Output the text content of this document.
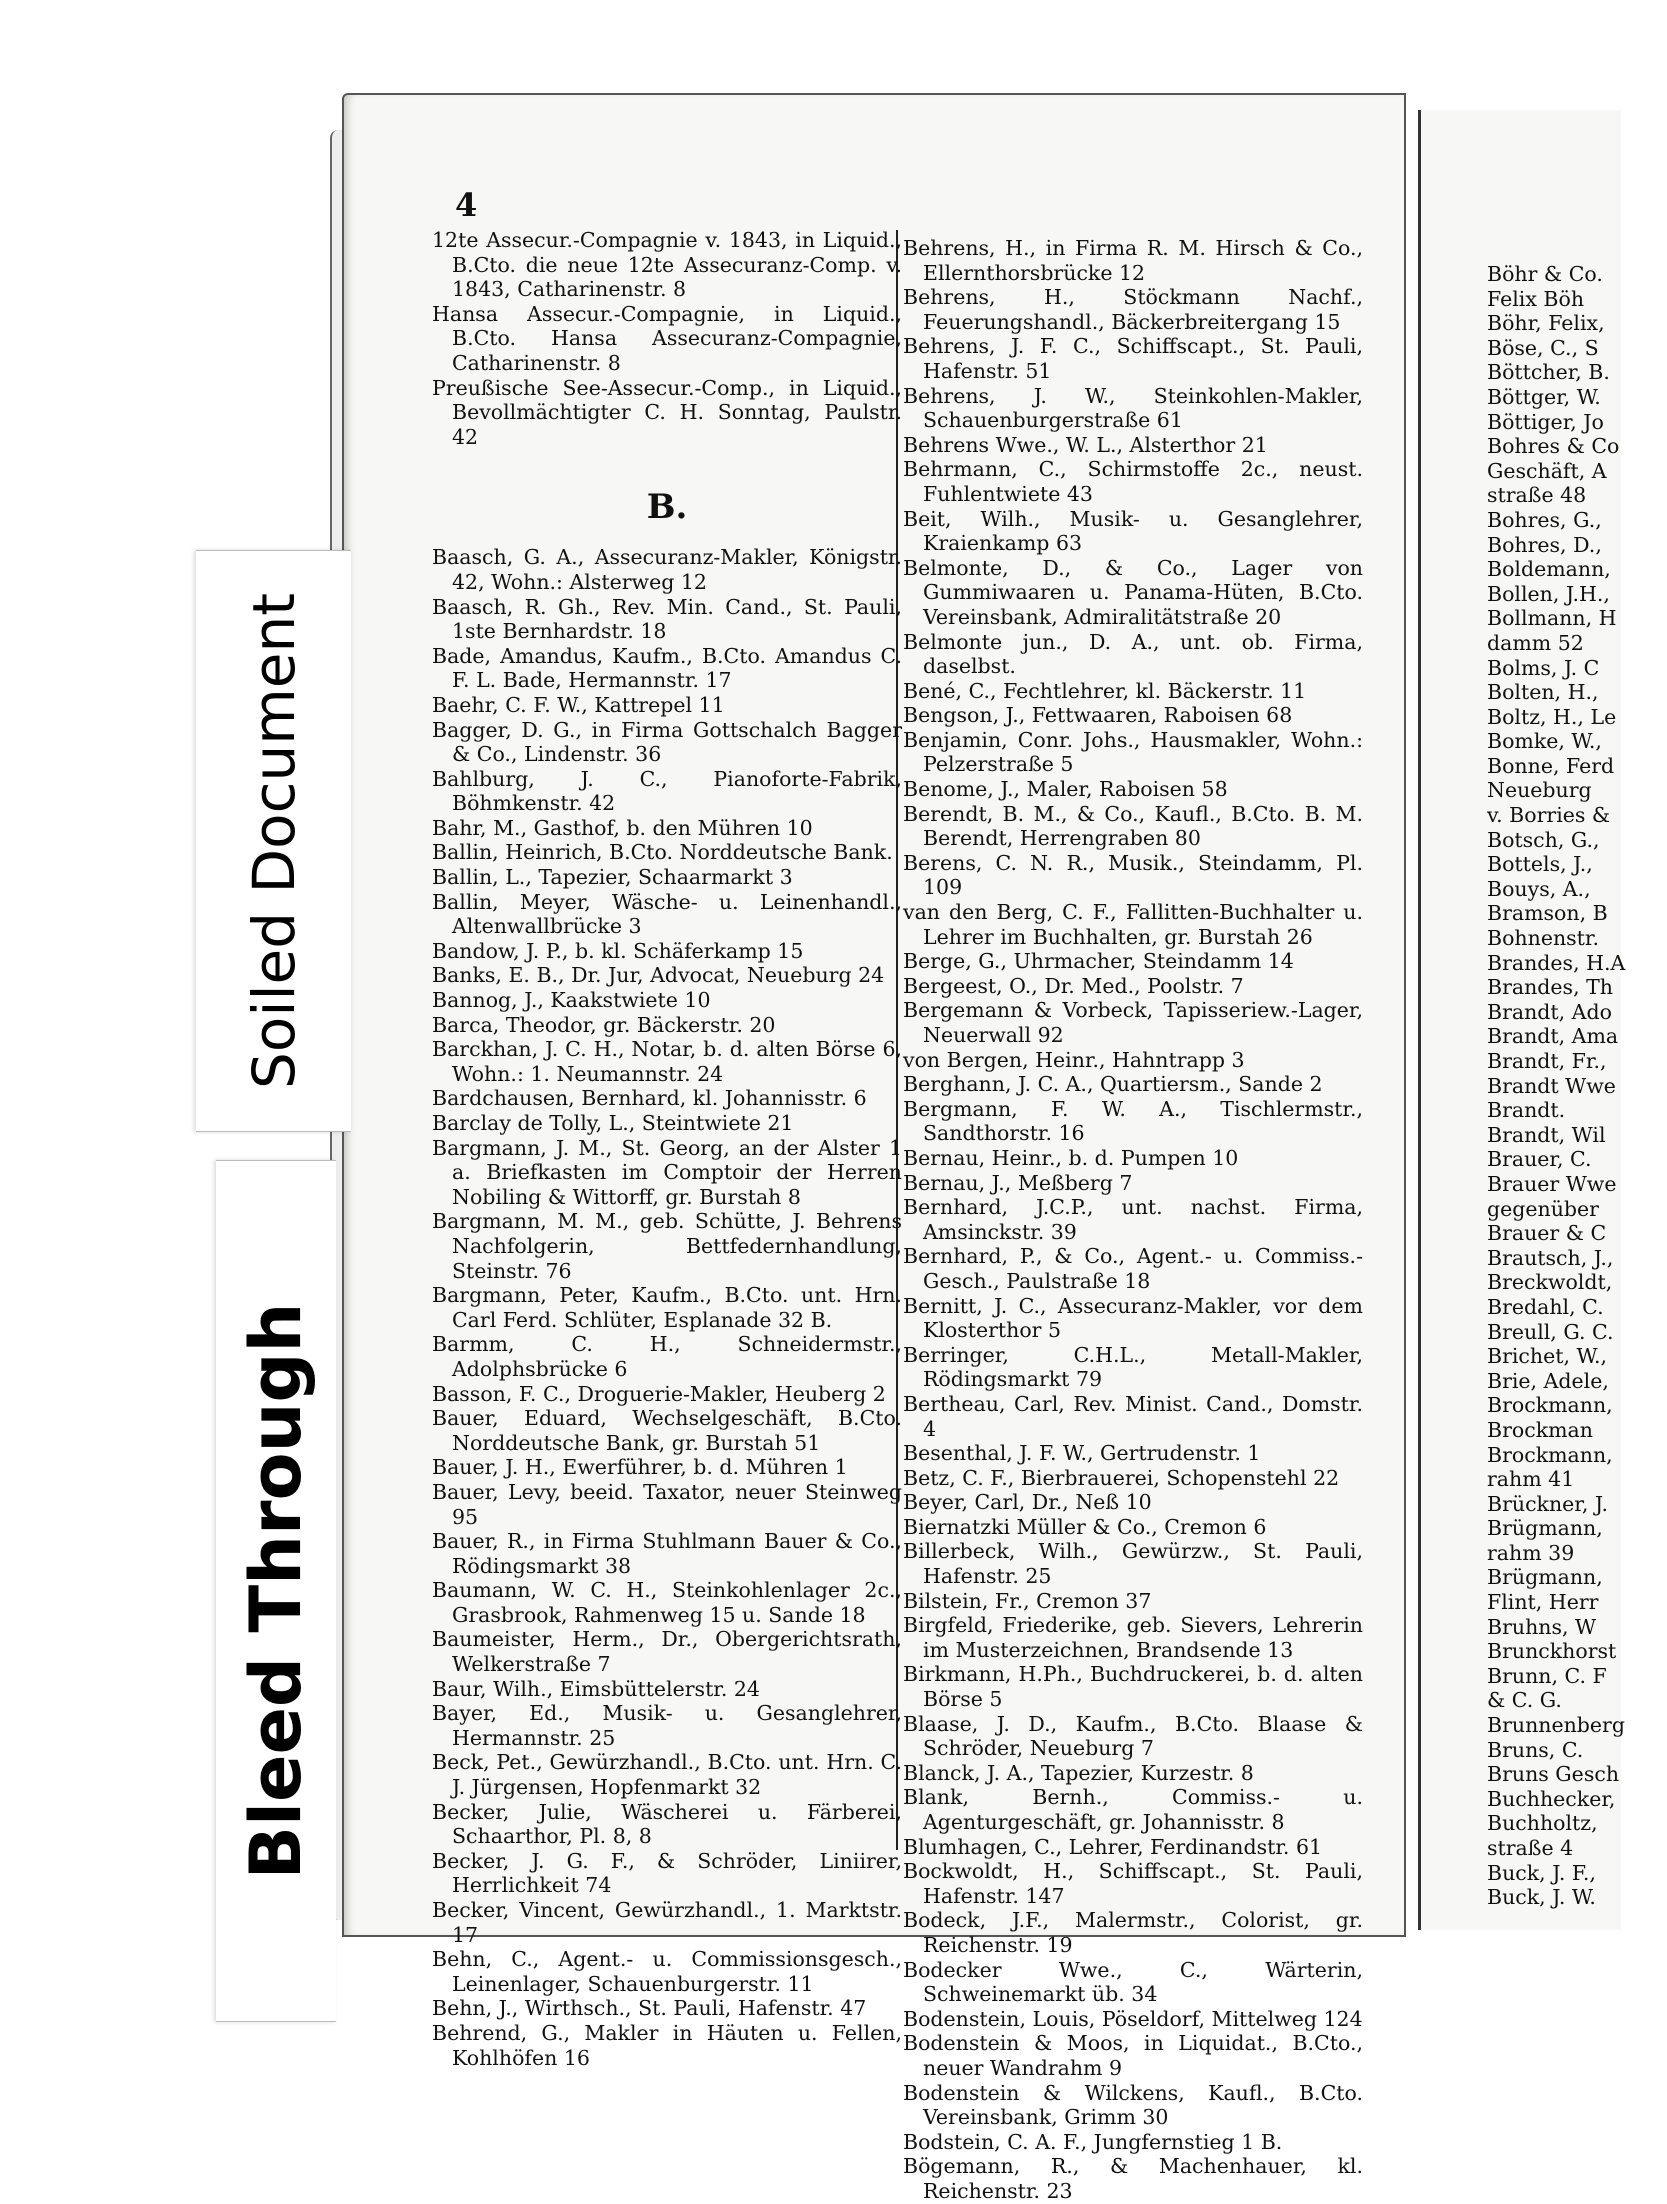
Soiled Document
Bleed Through
4
12te Assecur.-Compagnie v. 1843, in Liquid., B.Cto. die neue 12te Assecuranz-Comp. v. 1843, Catharinenstr. 8
Hansa Assecur.-Compagnie, in Liquid., B.Cto. Hansa Assecuranz-Compagnie, Catharinenstr. 8
Preußische See-Assecur.-Comp., in Liquid., Bevollmächtigter C. H. Sonntag, Paulstr. 42
B.
Baasch, G. A., Assecuranz-Makler, Königstr. 42, Wohn.: Alsterweg 12
Baasch, R. Gh., Rev. Min. Cand., St. Pauli, 1ste Bernhardstr. 18
Bade, Amandus, Kaufm., B.Cto. Amandus C. F. L. Bade, Hermannstr. 17
Baehr, C. F. W., Kattrepel 11
Bagger, D. G., in Firma Gottschalch Bagger & Co., Lindenstr. 36
Bahlburg, J. C., Pianoforte-Fabrik, Böhmkenstr. 42
Bahr, M., Gasthof, b. den Mühren 10
Ballin, Heinrich, B.Cto. Norddeutsche Bank.
Ballin, L., Tapezier, Schaarmarkt 3
Ballin, Meyer, Wäsche- u. Leinenhandl., Altenwallbrücke 3
Bandow, J. P., b. kl. Schäferkamp 15
Banks, E. B., Dr. Jur, Advocat, Neueburg 24
Bannog, J., Kaakstwiete 10
Barca, Theodor, gr. Bäckerstr. 20
Barckhan, J. C. H., Notar, b. d. alten Börse 6, Wohn.: 1. Neumannstr. 24
Bardchausen, Bernhard, kl. Johannisstr. 6
Barclay de Tolly, L., Steintwiete 21
Bargmann, J. M., St. Georg, an der Alster 1 a. Briefkasten im Comptoir der Herren Nobiling & Wittorff, gr. Burstah 8
Bargmann, M. M., geb. Schütte, J. Behrens Nachfolgerin, Bettfedernhandlung, Steinstr. 76
Bargmann, Peter, Kaufm., B.Cto. unt. Hrn. Carl Ferd. Schlüter, Esplanade 32 B.
Barmm, C. H., Schneidermstr., Adolphsbrücke 6
Basson, F. C., Droguerie-Makler, Heuberg 2
Bauer, Eduard, Wechselgeschäft, B.Cto. Norddeutsche Bank, gr. Burstah 51
Bauer, J. H., Ewerführer, b. d. Mühren 1
Bauer, Levy, beeid. Taxator, neuer Steinweg 95
Bauer, R., in Firma Stuhlmann Bauer & Co., Rödingsmarkt 38
Baumann, W. C. H., Steinkohlenlager 2c., Grasbrook, Rahmenweg 15 u. Sande 18
Baumeister, Herm., Dr., Obergerichtsrath, Welkerstraße 7
Baur, Wilh., Eimsbüttelerstr. 24
Bayer, Ed., Musik- u. Gesanglehrer, Hermannstr. 25
Beck, Pet., Gewürzhandl., B.Cto. unt. Hrn. C. J. Jürgensen, Hopfenmarkt 32
Becker, Julie, Wäscherei u. Färberei, Schaarthor, Pl. 8, 8
Becker, J. G. F., & Schröder, Liniirer, Herrlichkeit 74
Becker, Vincent, Gewürzhandl., 1. Marktstr. 17
Behn, C., Agent.- u. Commissionsgesch., Leinenlager, Schauenburgerstr. 11
Behn, J., Wirthsch., St. Pauli, Hafenstr. 47
Behrend, G., Makler in Häuten u. Fellen, Kohlhöfen 16
Behrens, H., in Firma R. M. Hirsch & Co., Ellernthorsbrücke 12
Behrens, H., Stöckmann Nachf., Feuerungshandl., Bäckerbreitergang 15
Behrens, J. F. C., Schiffscapt., St. Pauli, Hafenstr. 51
Behrens, J. W., Steinkohlen-Makler, Schauenburgerstraße 61
Behrens Wwe., W. L., Alsterthor 21
Behrmann, C., Schirmstoffe 2c., neust. Fuhlentwiete 43
Beit, Wilh., Musik- u. Gesanglehrer, Kraienkamp 63
Belmonte, D., & Co., Lager von Gummiwaaren u. Panama-Hüten, B.Cto. Vereinsbank, Admiralitätstraße 20
Belmonte jun., D. A., unt. ob. Firma, daselbst.
Bené, C., Fechtlehrer, kl. Bäckerstr. 11
Bengson, J., Fettwaaren, Raboisen 68
Benjamin, Conr. Johs., Hausmakler, Wohn.: Pelzerstraße 5
Benome, J., Maler, Raboisen 58
Berendt, B. M., & Co., Kaufl., B.Cto. B. M. Berendt, Herrengraben 80
Berens, C. N. R., Musik., Steindamm, Pl. 109
van den Berg, C. F., Fallitten-Buchhalter u. Lehrer im Buchhalten, gr. Burstah 26
Berge, G., Uhrmacher, Steindamm 14
Bergeest, O., Dr. Med., Poolstr. 7
Bergemann & Vorbeck, Tapisseriew.-Lager, Neuerwall 92
von Bergen, Heinr., Hahntrapp 3
Berghann, J. C. A., Quartiersm., Sande 2
Bergmann, F. W. A., Tischlermstr., Sandthorstr. 16
Bernau, Heinr., b. d. Pumpen 10
Bernau, J., Meßberg 7
Bernhard, J.C.P., unt. nachst. Firma, Amsinckstr. 39
Bernhard, P., & Co., Agent.- u. Commiss.-Gesch., Paulstraße 18
Bernitt, J. C., Assecuranz-Makler, vor dem Klosterthor 5
Berringer, C.H.L., Metall-Makler, Rödingsmarkt 79
Bertheau, Carl, Rev. Minist. Cand., Domstr. 4
Besenthal, J. F. W., Gertrudenstr. 1
Betz, C. F., Bierbrauerei, Schopenstehl 22
Beyer, Carl, Dr., Neß 10
Biernatzki Müller & Co., Cremon 6
Billerbeck, Wilh., Gewürzw., St. Pauli, Hafenstr. 25
Bilstein, Fr., Cremon 37
Birgfeld, Friederike, geb. Sievers, Lehrerin im Musterzeichnen, Brandsende 13
Birkmann, H.Ph., Buchdruckerei, b. d. alten Börse 5
Blaase, J. D., Kaufm., B.Cto. Blaase & Schröder, Neueburg 7
Blanck, J. A., Tapezier, Kurzestr. 8
Blank, Bernh., Commiss.- u. Agenturgeschäft, gr. Johannisstr. 8
Blumhagen, C., Lehrer, Ferdinandstr. 61
Bockwoldt, H., Schiffscapt., St. Pauli, Hafenstr. 147
Bodeck, J.F., Malermstr., Colorist, gr. Reichenstr. 19
Bodecker Wwe., C., Wärterin, Schweinemarkt üb. 34
Bodenstein, Louis, Pöseldorf, Mittelweg 124
Bodenstein & Moos, in Liquidat., B.Cto., neuer Wandrahm 9
Bodenstein & Wilckens, Kaufl., B.Cto. Vereinsbank, Grimm 30
Bodstein, C. A. F., Jungfernstieg 1 B.
Bögemann, R., & Machenhauer, kl. Reichenstr. 23
Böhr & Co.
Felix Böh
Böhr, Felix,
Böse, C., S
Böttcher, B.
Böttger, W.
Böttiger, Jo
Bohres & Co
Geschäft, A
straße 48
Bohres, G.,
Bohres, D.,
Boldemann,
Bollen, J.H.,
Bollmann, H
damm 52
Bolms, J. C
Bolten, H.,
Boltz, H., Le
Bomke, W.,
Bonne, Ferd
Neueburg
v. Borries &
Botsch, G.,
Bottels, J.,
Bouys, A.,
Bramson, B
Bohnenstr.
Brandes, H.A
Brandes, Th
Brandt, Ado
Brandt, Ama
Brandt, Fr.,
Brandt Wwe
Brandt.
Brandt, Wil
Brauer, C.
Brauer Wwe
gegenüber
Brauer & C
Brautsch, J.,
Breckwoldt,
Bredahl, C.
Breull, G. C.
Brichet, W.,
Brie, Adele,
Brockmann,
Brockman
Brockmann,
rahm 41
Brückner, J.
Brügmann,
rahm 39
Brügmann,
Flint, Herr
Bruhns, W
Brunckhorst
Brunn, C. F
& C. G.
Brunnenberg
Bruns, C.
Bruns Gesch
Buchhecker,
Buchholtz,
straße 4
Buck, J. F.,
Buck, J. W.
